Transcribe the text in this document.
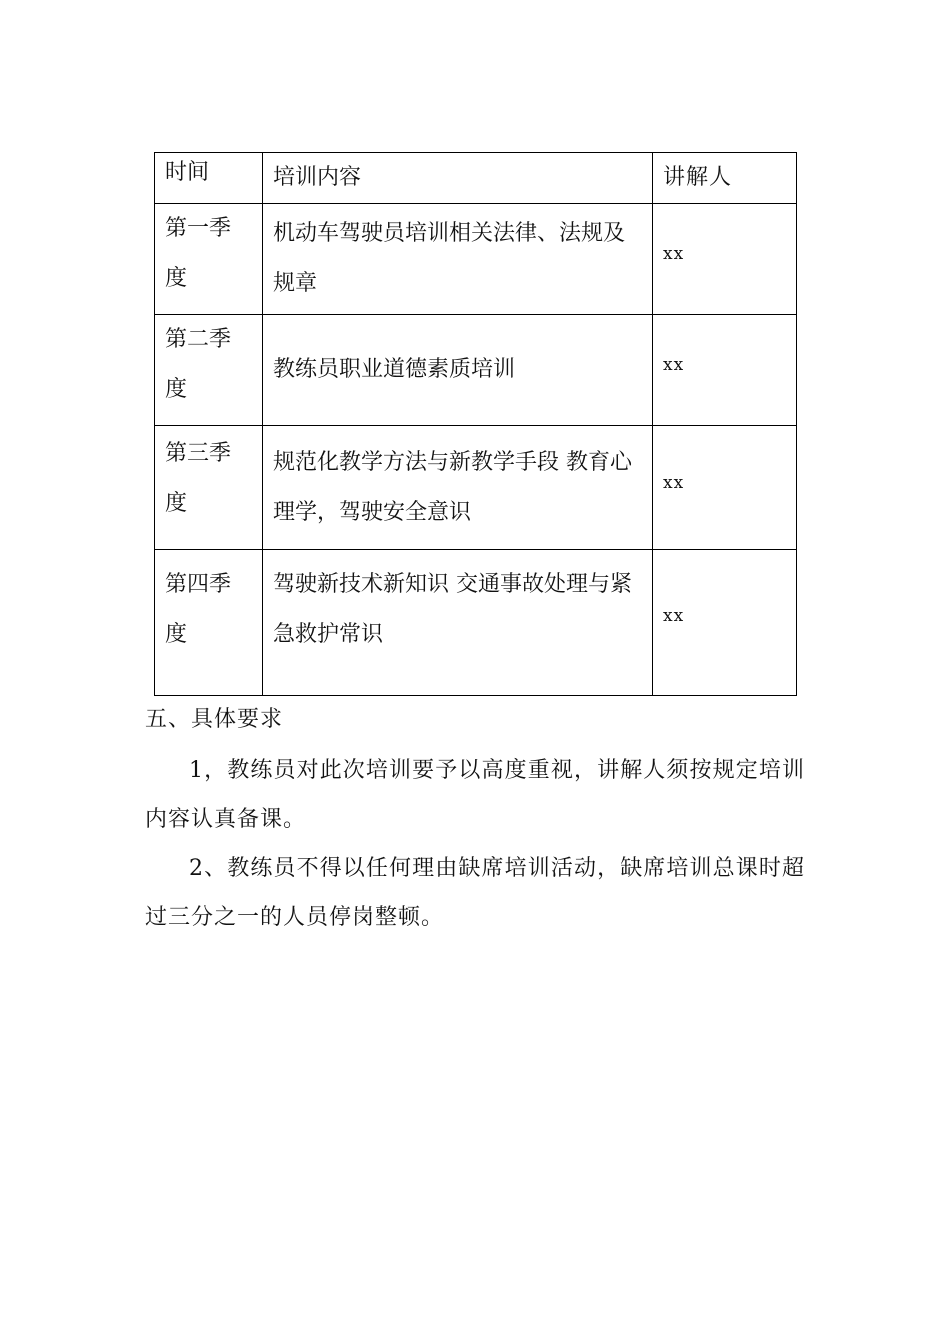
时间	培训内容	讲解人
第一季度	机动车驾驶员培训相关法律、法规及规章	xx
第二季度	教练员职业道德素质培训	xx
第三季度	规范化教学方法与新教学手段 教育心理学，驾驶安全意识	xx
第四季度	驾驶新技术新知识 交通事故处理与紧急救护常识	xx
五、具体要求

1，教练员对此次培训要予以高度重视，讲解人须按规定培训内容认真备课。

2、教练员不得以任何理由缺席培训活动，缺席培训总课时超过三分之一的人员停岗整顿。
